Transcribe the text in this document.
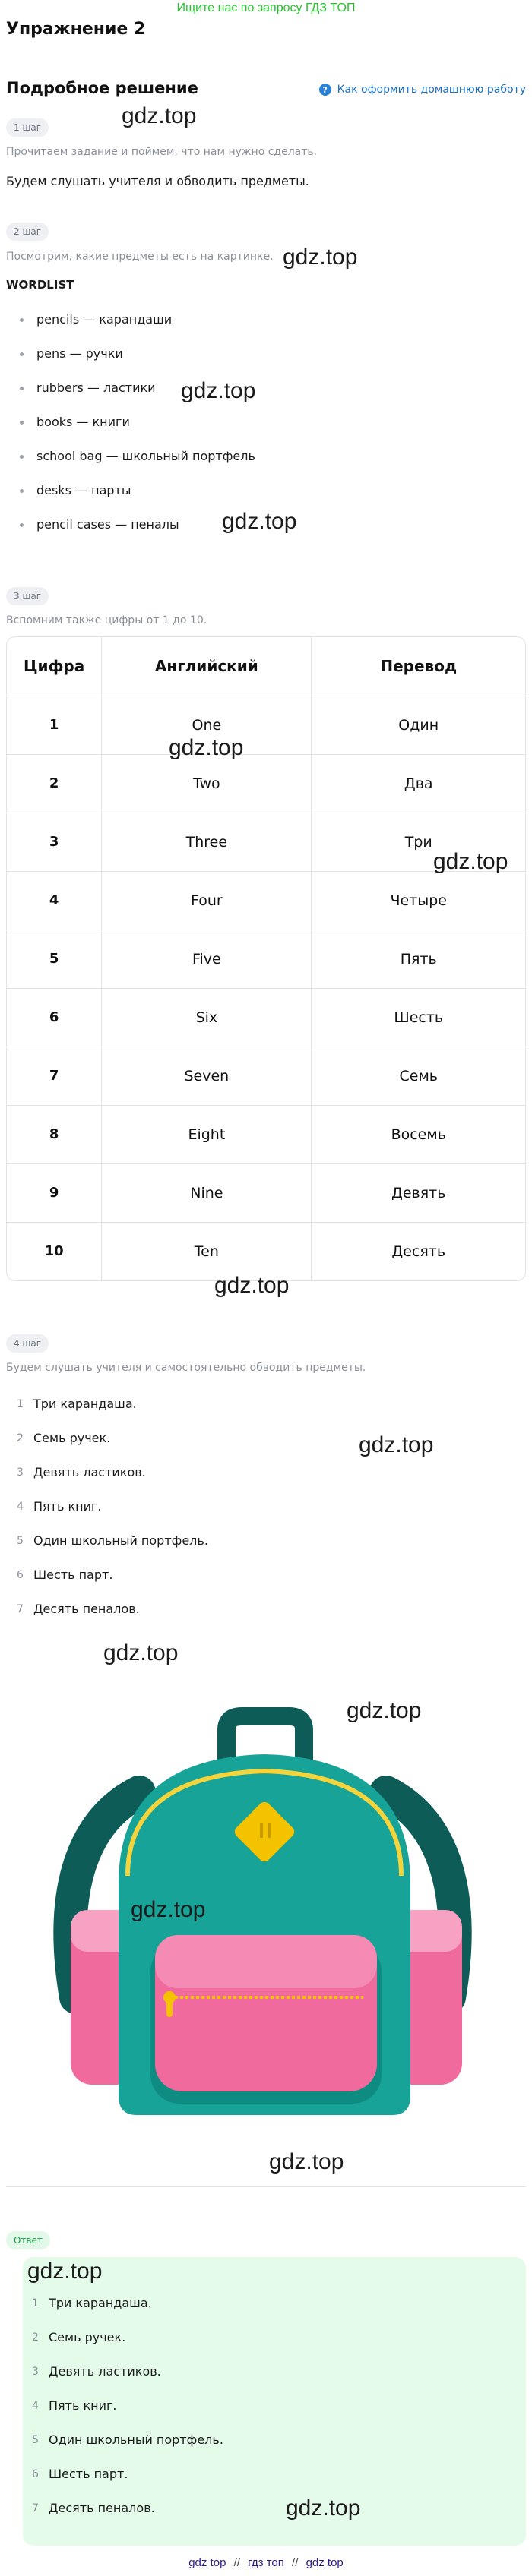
Ищите нас по запросу ГДЗ ТОП
Упражнение 2
Подробное решение	? Как оформить домашнюю работу
1 шаг
Прочитаем задание и поймем, что нам нужно сделать.
Будем слушать учителя и обводить предметы.
2 шаг
Посмотрим, какие предметы есть на картинке.
WORDLIST
pencils — карандаши
pens — ручки
rubbers — ластики
books — книги
school bag — школьный портфель
desks — парты
pencil cases — пеналы
3 шаг
Вспомним также цифры от 1 до 10.
Цифра	Английский	Перевод
1	One	Один
2	Two	Два
3	Three	Три
4	Four	Четыре
5	Five	Пять
6	Six	Шесть
7	Seven	Семь
8	Eight	Восемь
9	Nine	Девять
10	Ten	Десять
4 шаг
Будем слушать учителя и самостоятельно обводить предметы.
1 Три карандаша.
2 Семь ручек.
3 Девять ластиков.
4 Пять книг.
5 Один школьный портфель.
6 Шесть парт.
7 Десять пеналов.
Ответ
1 Три карандаша.
2 Семь ручек.
3 Девять ластиков.
4 Пять книг.
5 Один школьный портфель.
6 Шесть парт.
7 Десять пеналов.
gdz top // гдз топ // gdz top
gdz.top
gdz.top
gdz.top
gdz.top
gdz.top
gdz.top
gdz.top
gdz.top
gdz.top
gdz.top
gdz.top
gdz.top
gdz.top
gdz.top
